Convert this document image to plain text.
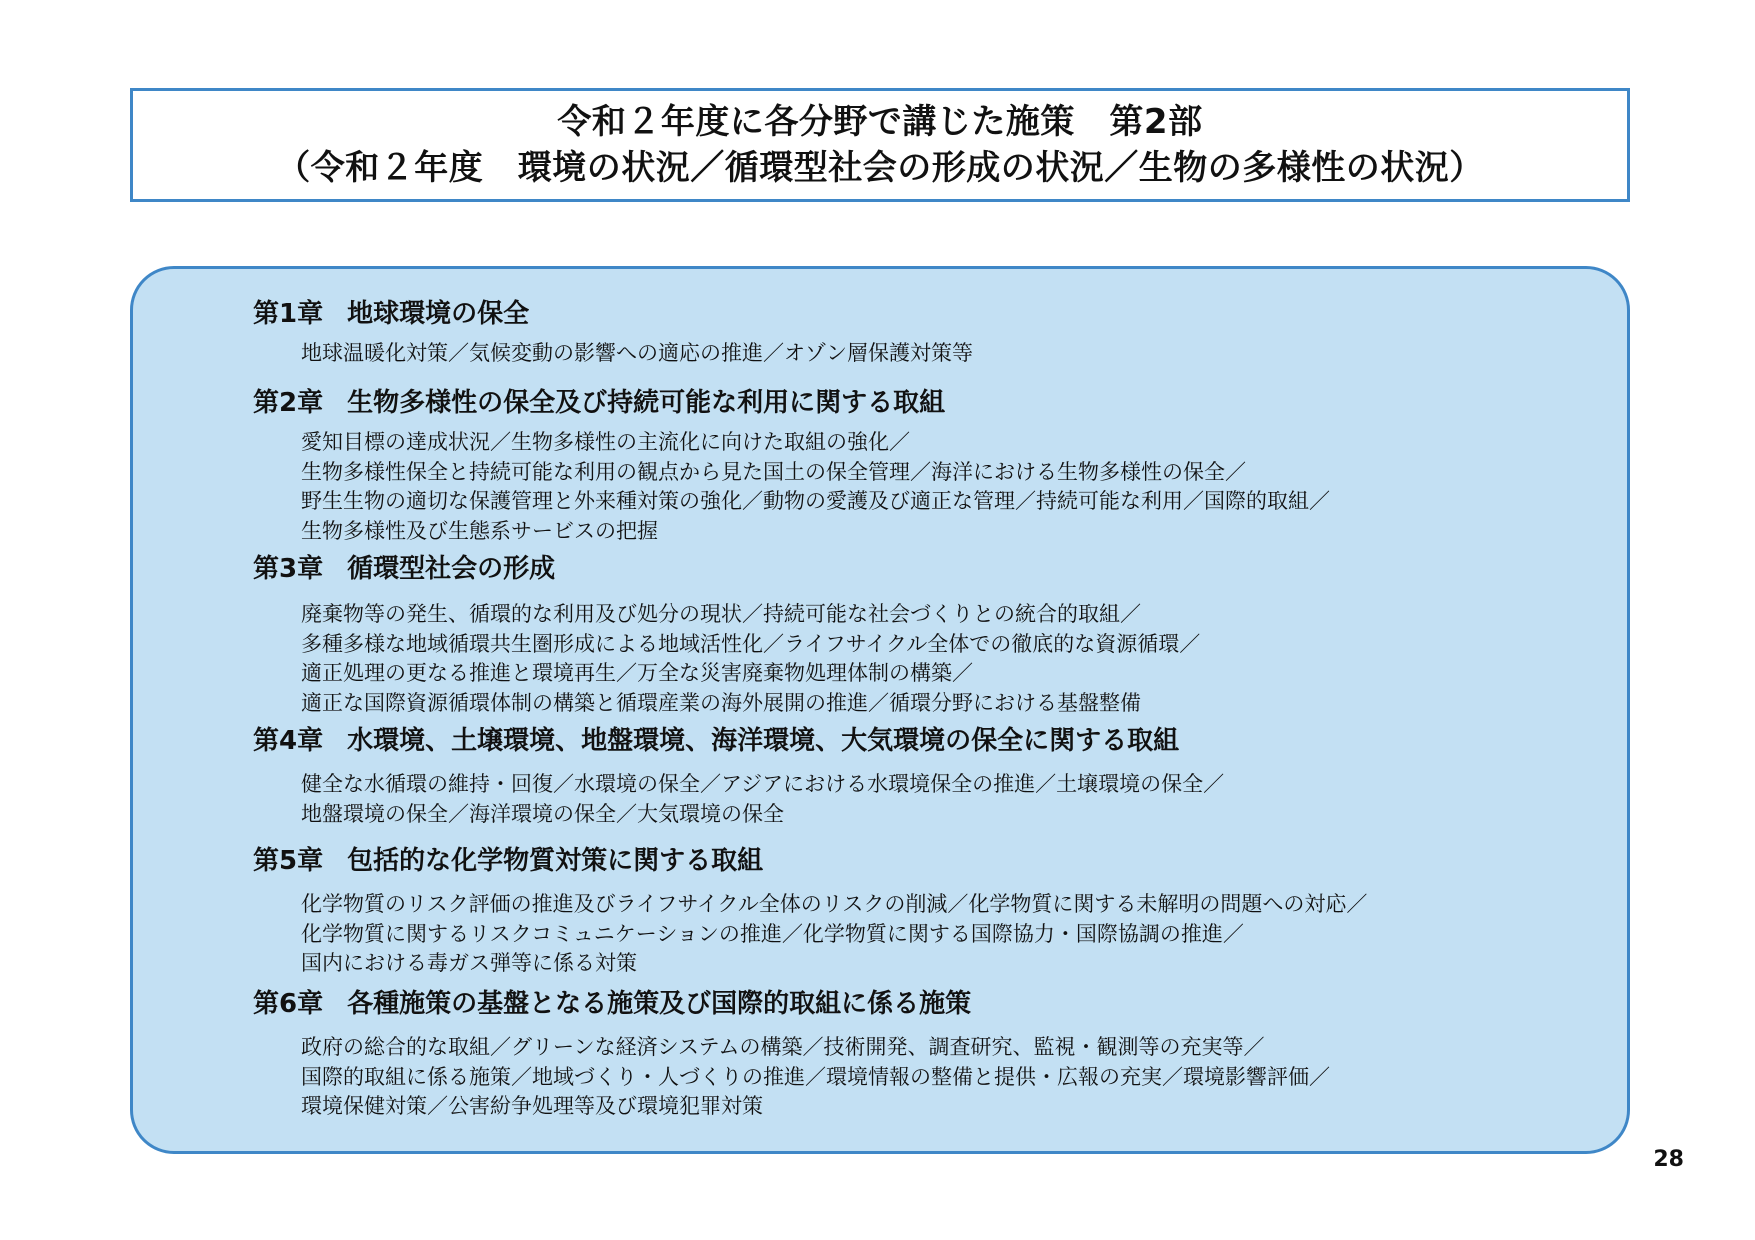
令和２年度に各分野で講じた施策　第2部
（令和２年度　環境の状況／循環型社会の形成の状況／生物の多様性の状況）
第1章 地球環境の保全
地球温暖化対策／気候変動の影響への適応の推進／オゾン層保護対策等
第2章 生物多様性の保全及び持続可能な利用に関する取組
愛知目標の達成状況／生物多様性の主流化に向けた取組の強化／
生物多様性保全と持続可能な利用の観点から見た国土の保全管理／海洋における生物多様性の保全／
野生生物の適切な保護管理と外来種対策の強化／動物の愛護及び適正な管理／持続可能な利用／国際的取組／
生物多様性及び生態系サービスの把握
第3章 循環型社会の形成
廃棄物等の発生、循環的な利用及び処分の現状／持続可能な社会づくりとの統合的取組／
多種多様な地域循環共生圏形成による地域活性化／ライフサイクル全体での徹底的な資源循環／
適正処理の更なる推進と環境再生／万全な災害廃棄物処理体制の構築／
適正な国際資源循環体制の構築と循環産業の海外展開の推進／循環分野における基盤整備
第4章 水環境、土壌環境、地盤環境、海洋環境、大気環境の保全に関する取組
健全な水循環の維持・回復／水環境の保全／アジアにおける水環境保全の推進／土壌環境の保全／
地盤環境の保全／海洋環境の保全／大気環境の保全
第5章 包括的な化学物質対策に関する取組
化学物質のリスク評価の推進及びライフサイクル全体のリスクの削減／化学物質に関する未解明の問題への対応／
化学物質に関するリスクコミュニケーションの推進／化学物質に関する国際協力・国際協調の推進／
国内における毒ガス弾等に係る対策
第6章 各種施策の基盤となる施策及び国際的取組に係る施策
政府の総合的な取組／グリーンな経済システムの構築／技術開発、調査研究、監視・観測等の充実等／
国際的取組に係る施策／地域づくり・人づくりの推進／環境情報の整備と提供・広報の充実／環境影響評価／
環境保健対策／公害紛争処理等及び環境犯罪対策
28
